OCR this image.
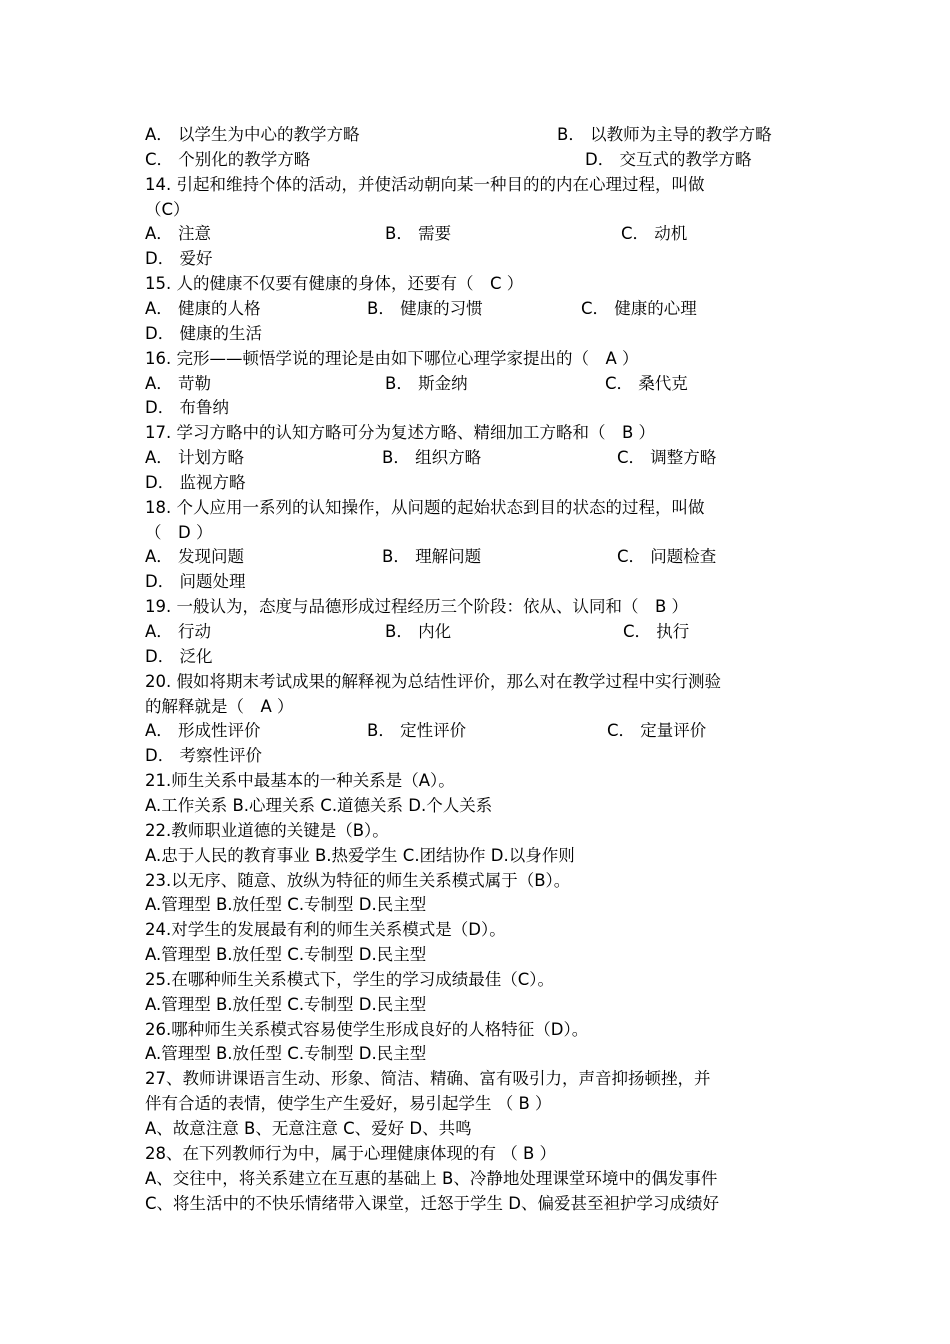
A． 以学生为中心的教学方略	B． 以教师为主导的教学方略
C． 个别化的教学方略	D． 交互式的教学方略
14. 引起和维持个体的活动，并使活动朝向某一种目的的内在心理过程，叫做
（C）
A． 注意	B． 需要	C． 动机
D． 爱好
15. 人的健康不仅要有健康的身体，还要有（　C ）
A． 健康的人格	B． 健康的习惯	C． 健康的心理
D． 健康的生活
16. 完形——顿悟学说的理论是由如下哪位心理学家提出的（　A ）
A． 苛勒	B． 斯金纳	C． 桑代克
D． 布鲁纳
17. 学习方略中的认知方略可分为复述方略、精细加工方略和（　B ）
A． 计划方略	B． 组织方略	C． 调整方略
D． 监视方略
18. 个人应用一系列的认知操作，从问题的起始状态到目的状态的过程，叫做
（　D ）
A． 发现问题	B． 理解问题	C． 问题检查
D． 问题处理
19. 一般认为，态度与品德形成过程经历三个阶段：依从、认同和（　B ）
A． 行动	B． 内化	C． 执行
D． 泛化
20. 假如将期末考试成果的解释视为总结性评价，那么对在教学过程中实行测验
的解释就是（　A ）
A． 形成性评价	B． 定性评价	C． 定量评价
D． 考察性评价
21.师生关系中最基本的一种关系是（A）。
A.工作关系 B.心理关系 C.道德关系 D.个人关系
22.教师职业道德的关键是（B）。
A.忠于人民的教育事业 B.热爱学生 C.团结协作 D.以身作则
23.以无序、随意、放纵为特征的师生关系模式属于（B）。
A.管理型 B.放任型 C.专制型 D.民主型
24.对学生的发展最有利的师生关系模式是（D）。
A.管理型 B.放任型 C.专制型 D.民主型
25.在哪种师生关系模式下，学生的学习成绩最佳（C）。
A.管理型 B.放任型 C.专制型 D.民主型
26.哪种师生关系模式容易使学生形成良好的人格特征（D）。
A.管理型 B.放任型 C.专制型 D.民主型
27、教师讲课语言生动、形象、简洁、精确、富有吸引力，声音抑扬顿挫，并
伴有合适的表情，使学生产生爱好，易引起学生 （ B ）
A、故意注意 B、无意注意 C、爱好 D、共鸣
28、在下列教师行为中，属于心理健康体现的有 （ B ）
A、交往中，将关系建立在互惠的基础上 B、冷静地处理课堂环境中的偶发事件
C、将生活中的不快乐情绪带入课堂，迁怒于学生 D、偏爱甚至袒护学习成绩好
